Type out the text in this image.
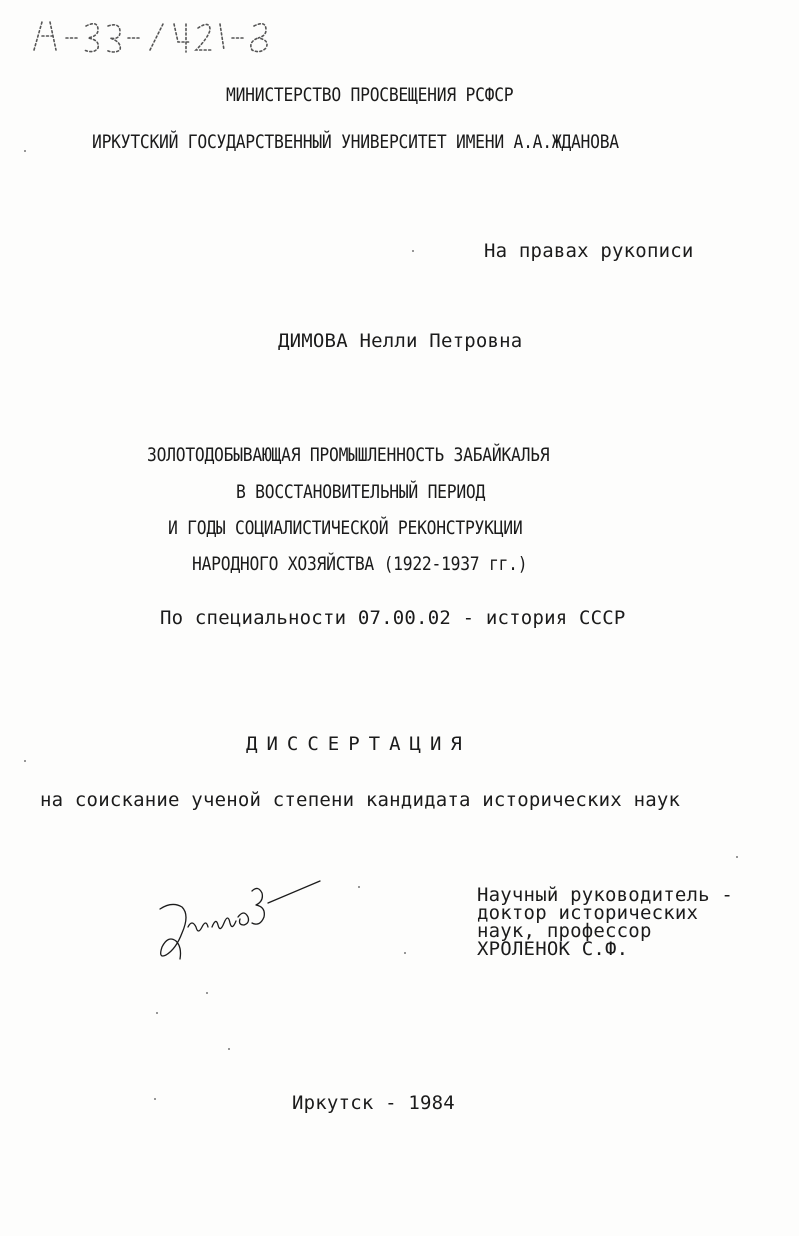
МИНИСТЕРСТВО ПРОСВЕЩЕНИЯ РСФСР
ИРКУТСКИЙ ГОСУДАРСТВЕННЫЙ УНИВЕРСИТЕТ ИМЕНИ А.А.ЖДАНОВА
На правах рукописи
ДИМОВА Нелли Петровна
ЗОЛОТОДОБЫВАЮЩАЯ ПРОМЫШЛЕННОСТЬ ЗАБАЙКАЛЬЯ
В ВОССТАНОВИТЕЛЬНЫЙ ПЕРИОД
И ГОДЫ СОЦИАЛИСТИЧЕСКОЙ РЕКОНСТРУКЦИИ
НАРОДНОГО ХОЗЯЙСТВА (1922-1937 гг.)
По специальности 07.00.02 - история СССР
ДИССЕРТАЦИЯ
на соискание ученой степени кандидата исторических наук
Научный руководитель -
доктор исторических
наук, профессор
ХРОЛЕНОК С.Ф.
Иркутск - 1984
